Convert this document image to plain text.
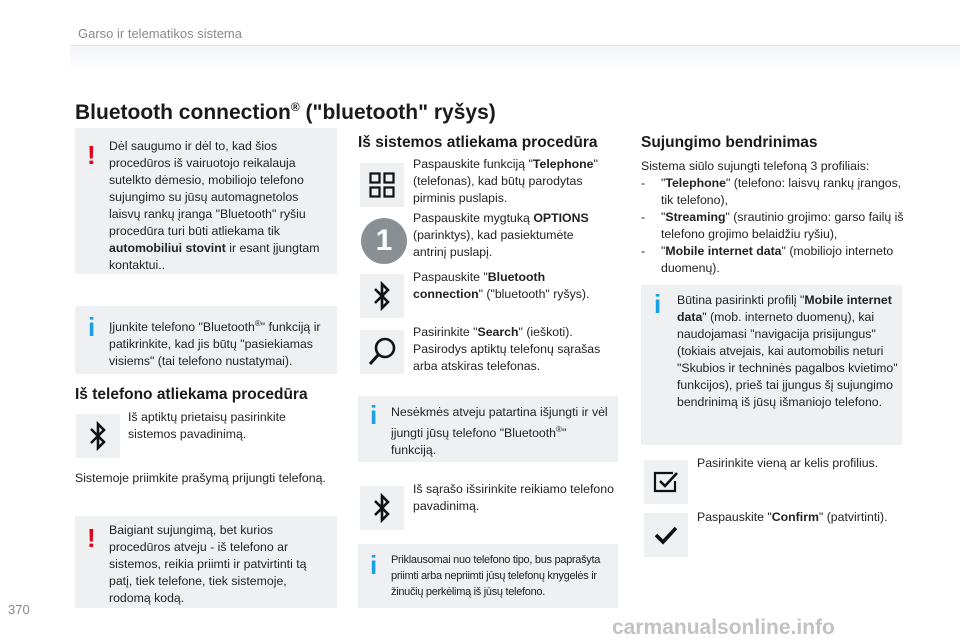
Garso ir telematikos sistema
Bluetooth connection® ("bluetooth" ryšys)
! Dėl saugumo ir dėl to, kad šios procedūros iš vairuotojo reikalauja sutelkto dėmesio, mobiliojo telefono sujungimo su jūsų automagnetolos laisvų rankų įranga "Bluetooth" ryšiu procedūra turi būti atliekama tik automobiliui stovint ir esant įjungtam kontaktui..
i Įjunkite telefono "Bluetooth®" funkciją ir patikrinkite, kad jis būtų "pasiekiamas visiems" (tai telefono nustatymai).
Iš telefono atliekama procedūra
Iš aptiktų prietaisų pasirinkite sistemos pavadinimą.
Sistemoje priimkite prašymą prijungti telefoną.
! Baigiant sujungimą, bet kurios procedūros atveju - iš telefono ar sistemos, reikia priimti ir patvirtinti tą patį, tiek telefone, tiek sistemoje, rodomą kodą.
Iš sistemos atliekama procedūra
Paspauskite funkciją "Telephone" (telefonas), kad būtų parodytas pirminis puslapis.
1
Paspauskite mygtuką OPTIONS (parinktys), kad pasiektumėte antrinį puslapį.
Paspauskite "Bluetooth connection" ("bluetooth" ryšys).
Pasirinkite "Search" (ieškoti). Pasirodys aptiktų telefonų sąrašas arba atskiras telefonas.
i Nesėkmės atveju patartina išjungti ir vėl įjungti jūsų telefono "Bluetooth®" funkciją.
Iš sąrašo išsirinkite reikiamo telefono pavadinimą.
i Priklausomai nuo telefono tipo, bus paprašyta priimti arba nepriimti jūsų telefonų knygelės ir žinučių perkėlimą iš jūsų telefono.
Sujungimo bendrinimas
Sistema siūlo sujungti telefoną 3 profiliais:
-	"Telephone" (telefono: laisvų rankų įrangos, tik telefono),
-	"Streaming" (srautinio grojimo: garso failų iš telefono grojimo belaidžiu ryšiu),
-	"Mobile internet data" (mobiliojo interneto duomenų).
i Būtina pasirinkti profilį "Mobile internet data" (mob. interneto duomenų), kai naudojamasi "navigacija prisijungus" (tokiais atvejais, kai automobilis neturi "Skubios ir techninės pagalbos kvietimo" funkcijos), prieš tai įjungus šį sujungimo bendrinimą iš jūsų išmaniojo telefono.
Pasirinkite vieną ar kelis profilius.
Paspauskite "Confirm" (patvirtinti).
370
carmanualsonline.info
